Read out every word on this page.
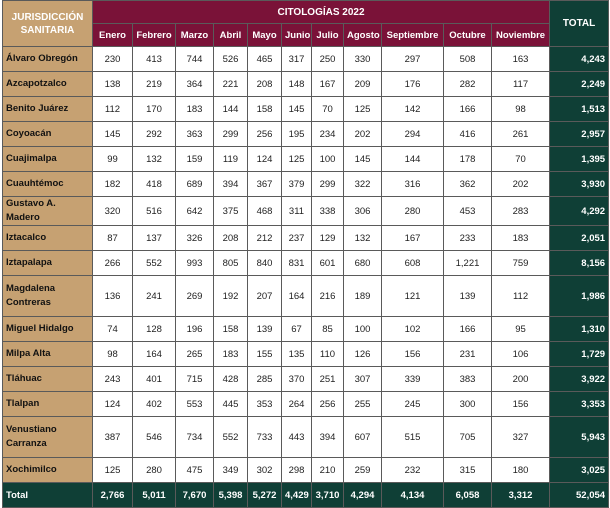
JURISDICCIÓN SANITARIA	CITOLOGÍAS 2022											TOTAL
	Enero	Febrero	Marzo	Abril	Mayo	Junio	Julio	Agosto	Septiembre	Octubre	Noviembre	
Álvaro Obregón	230	413	744	526	465	317	250	330	297	508	163	4,243
Azcapotzalco	138	219	364	221	208	148	167	209	176	282	117	2,249
Benito Juárez	112	170	183	144	158	145	70	125	142	166	98	1,513
Coyoacán	145	292	363	299	256	195	234	202	294	416	261	2,957
Cuajimalpa	99	132	159	119	124	125	100	145	144	178	70	1,395
Cuauhtémoc	182	418	689	394	367	379	299	322	316	362	202	3,930
Gustavo A. Madero	320	516	642	375	468	311	338	306	280	453	283	4,292
Iztacalco	87	137	326	208	212	237	129	132	167	233	183	2,051
Iztapalapa	266	552	993	805	840	831	601	680	608	1,221	759	8,156
Magdalena Contreras	136	241	269	192	207	164	216	189	121	139	112	1,986
Miguel Hidalgo	74	128	196	158	139	67	85	100	102	166	95	1,310
Milpa Alta	98	164	265	183	155	135	110	126	156	231	106	1,729
Tláhuac	243	401	715	428	285	370	251	307	339	383	200	3,922
Tlalpan	124	402	553	445	353	264	256	255	245	300	156	3,353
Venustiano Carranza	387	546	734	552	733	443	394	607	515	705	327	5,943
Xochimilco	125	280	475	349	302	298	210	259	232	315	180	3,025
Total	2,766	5,011	7,670	5,398	5,272	4,429	3,710	4,294	4,134	6,058	3,312	52,054
